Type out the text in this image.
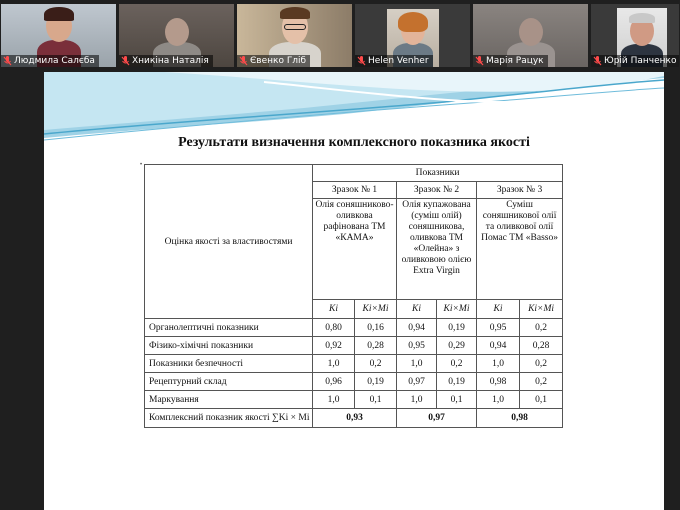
Людмила Салєба	Хникіна Наталія	Євенко Гліб	Helen Venher	Марія Рацук	Юрій Панченко
Результати визначення комплексного показника якості
•
Оцінка якості за властивостями	Показники					
	Зразок № 1		Зразок № 2		Зразок № 3	
	Олія соняшниково-оливкова рафінована ТМ «КАМА»		Олія купажована (суміш олій) соняшникова, оливкова ТМ «Олейна» з оливковою олією Extra Virgin		Суміш соняшникової олії та оливкової олії Помас ТМ «Basso»	
	Ki	Ki×Mi	Ki	Ki×Mi	Ki	Ki×Mi
Органолептичні показники	0,80	0,16	0,94	0,19	0,95	0,2
Фізико-хімічні показники	0,92	0,28	0,95	0,29	0,94	0,28
Показники безпечності	1,0	0,2	1,0	0,2	1,0	0,2
Рецептурний склад	0,96	0,19	0,97	0,19	0,98	0,2
Маркування	1,0	0,1	1,0	0,1	1,0	0,1
Комплексний показник якості ∑Ki × Mi	0,93		0,97		0,98	
